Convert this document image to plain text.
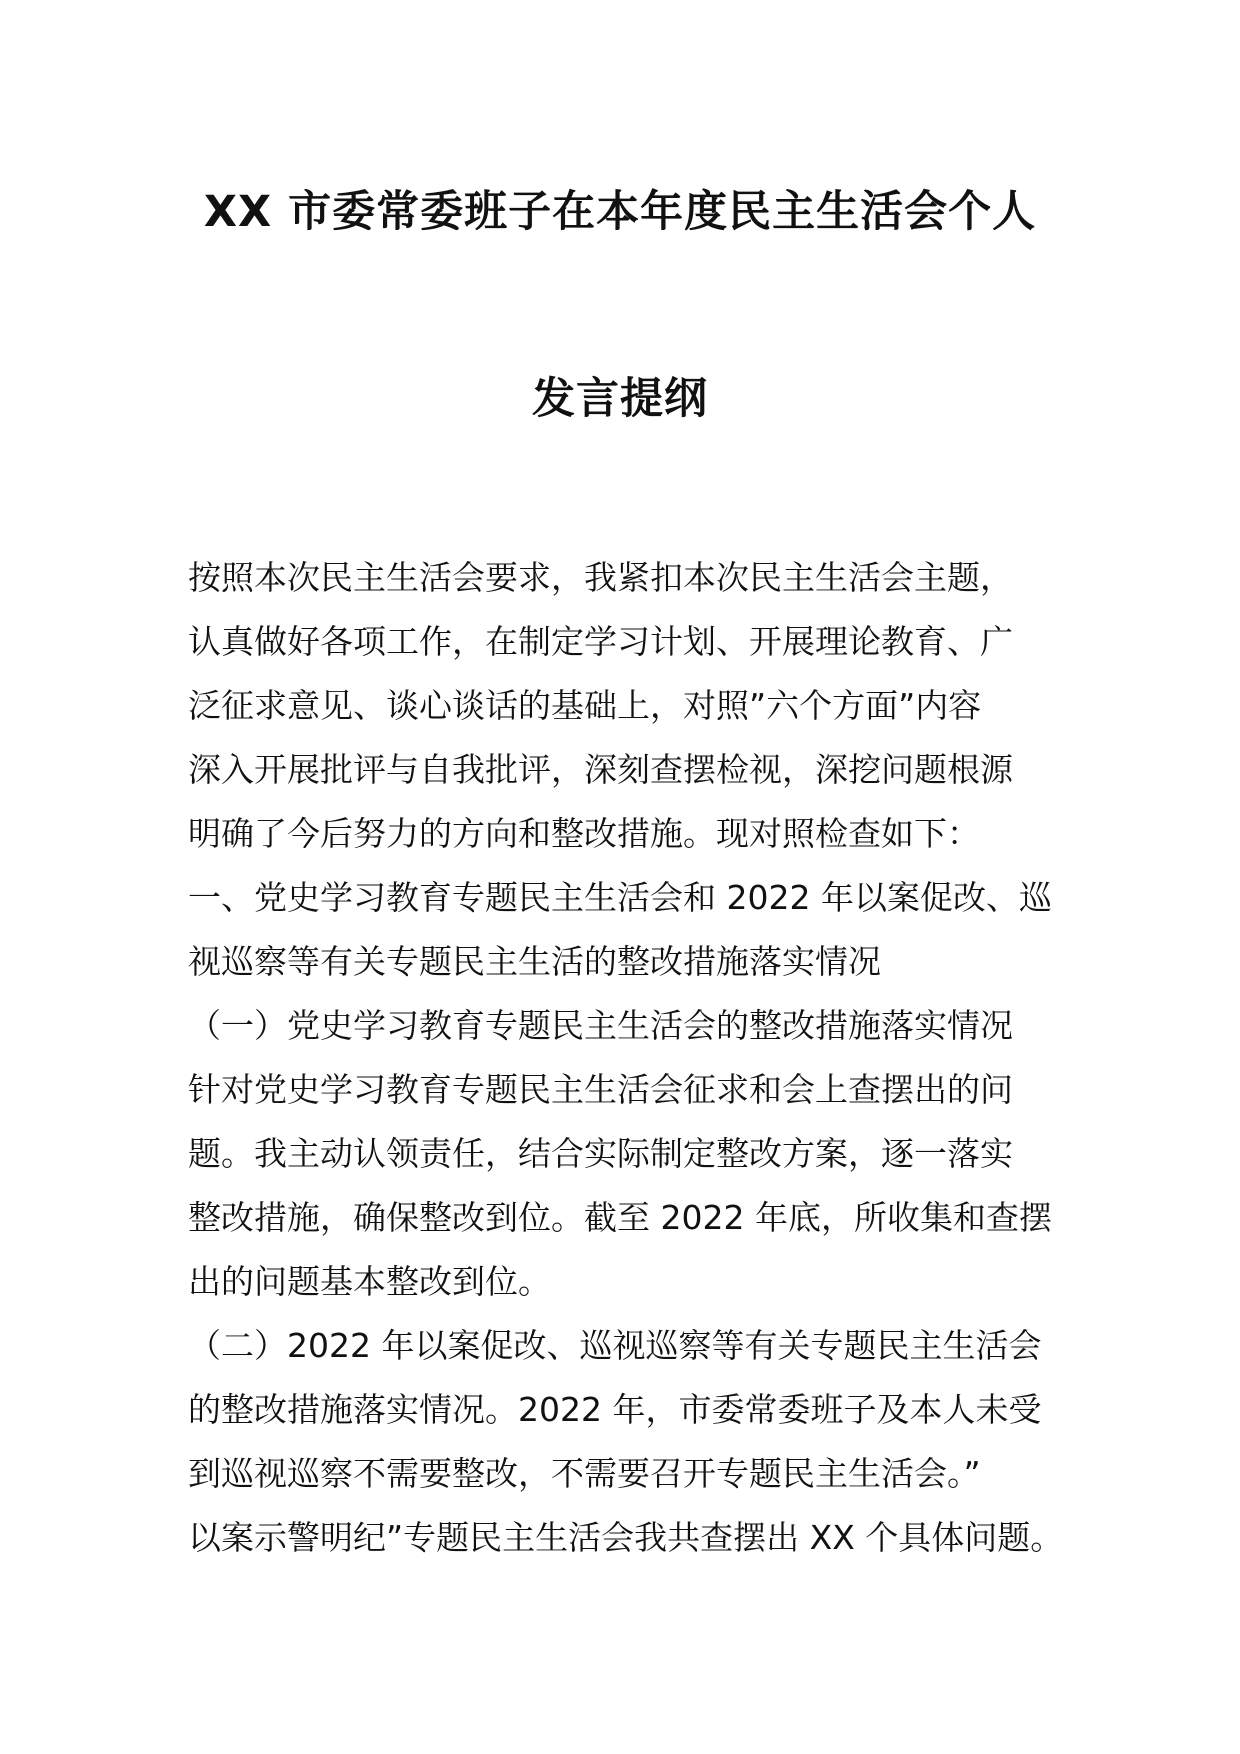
XX 市委常委班子在本年度民主生活会个人
发言提纲
按照本次民主生活会要求，我紧扣本次民主生活会主题，
认真做好各项工作，在制定学习计划、开展理论教育、广
泛征求意见、谈心谈话的基础上，对照”六个方面”内容
深入开展批评与自我批评，深刻查摆检视，深挖问题根源
明确了今后努力的方向和整改措施。现对照检查如下：
一、党史学习教育专题民主生活会和 2022 年以案促改、巡
视巡察等有关专题民主生活的整改措施落实情况
（一）党史学习教育专题民主生活会的整改措施落实情况
针对党史学习教育专题民主生活会征求和会上查摆出的问
题。我主动认领责任，结合实际制定整改方案，逐一落实
整改措施，确保整改到位。截至 2022 年底，所收集和查摆
出的问题基本整改到位。
（二）2022 年以案促改、巡视巡察等有关专题民主生活会
的整改措施落实情况。2022 年，市委常委班子及本人未受
到巡视巡察不需要整改，不需要召开专题民主生活会。”
以案示警明纪”专题民主生活会我共查摆出 XX 个具体问题。
